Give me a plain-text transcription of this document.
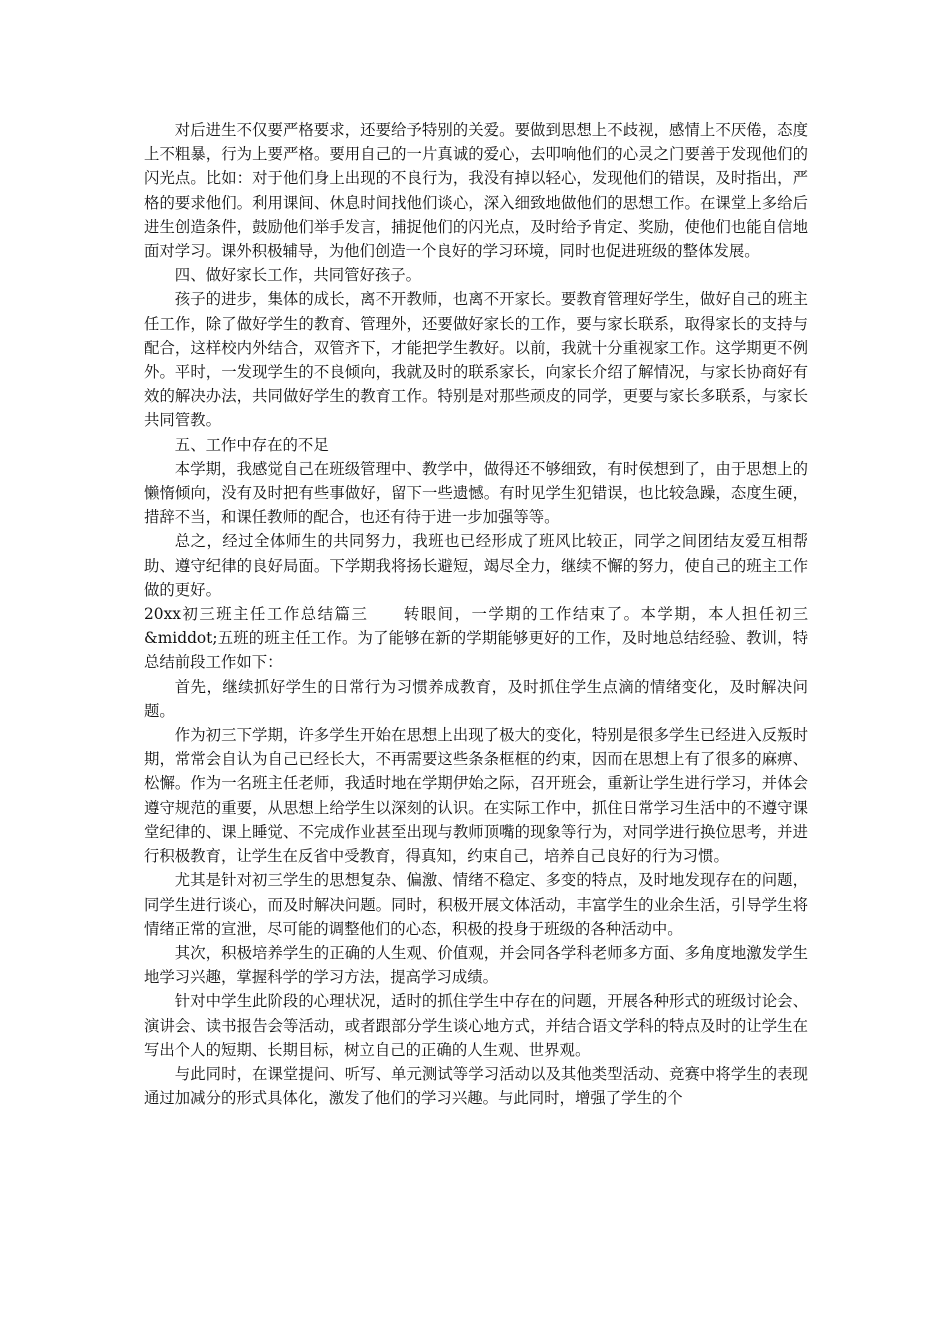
对后进生不仅要严格要求，还要给予特别的关爱。要做到思想上不歧视，感情上不厌倦，态度上不粗暴，行为上要严格。要用自己的一片真诚的爱心，去叩响他们的心灵之门要善于发现他们的闪光点。比如：对于他们身上出现的不良行为，我没有掉以轻心，发现他们的错误，及时指出，严格的要求他们。利用课间、休息时间找他们谈心，深入细致地做他们的思想工作。在课堂上多给后进生创造条件，鼓励他们举手发言，捕捉他们的闪光点，及时给予肯定、奖励，使他们也能自信地面对学习。课外积极辅导，为他们创造一个良好的学习环境，同时也促进班级的整体发展。

四、做好家长工作，共同管好孩子。

孩子的进步，集体的成长，离不开教师，也离不开家长。要教育管理好学生，做好自己的班主任工作，除了做好学生的教育、管理外，还要做好家长的工作，要与家长联系，取得家长的支持与配合，这样校内外结合，双管齐下，才能把学生教好。以前，我就十分重视家工作。这学期更不例外。平时，一发现学生的不良倾向，我就及时的联系家长，向家长介绍了解情况，与家长协商好有效的解决办法，共同做好学生的教育工作。特别是对那些顽皮的同学，更要与家长多联系，与家长共同管教。

五、工作中存在的不足

本学期，我感觉自己在班级管理中、教学中，做得还不够细致，有时侯想到了，由于思想上的懒惰倾向，没有及时把有些事做好，留下一些遗憾。有时见学生犯错误，也比较急躁，态度生硬，措辞不当，和课任教师的配合，也还有待于进一步加强等等。

总之，经过全体师生的共同努力，我班也已经形成了班风比较正，同学之间团结友爱互相帮助、遵守纪律的良好局面。下学期我将扬长避短，竭尽全力，继续不懈的努力，使自己的班主工作做的更好。

20xx初三班主任工作总结篇三 转眼间，一学期的工作结束了。本学期，本人担任初三&middot;五班的班主任工作。为了能够在新的学期能够更好的工作，及时地总结经验、教训，特总结前段工作如下：

首先，继续抓好学生的日常行为习惯养成教育，及时抓住学生点滴的情绪变化，及时解决问题。

作为初三下学期，许多学生开始在思想上出现了极大的变化，特别是很多学生已经进入反叛时期，常常会自认为自己已经长大，不再需要这些条条框框的约束，因而在思想上有了很多的麻痹、松懈。作为一名班主任老师，我适时地在学期伊始之际，召开班会，重新让学生进行学习，并体会遵守规范的重要，从思想上给学生以深刻的认识。在实际工作中，抓住日常学习生活中的不遵守课堂纪律的、课上睡觉、不完成作业甚至出现与教师顶嘴的现象等行为，对同学进行换位思考，并进行积极教育，让学生在反省中受教育，得真知，约束自己，培养自己良好的行为习惯。

尤其是针对初三学生的思想复杂、偏激、情绪不稳定、多变的特点，及时地发现存在的问题，同学生进行谈心，而及时解决问题。同时，积极开展文体活动，丰富学生的业余生活，引导学生将情绪正常的宣泄，尽可能的调整他们的心态，积极的投身于班级的各种活动中。

其次，积极培养学生的正确的人生观、价值观，并会同各学科老师多方面、多角度地激发学生地学习兴趣，掌握科学的学习方法，提高学习成绩。

针对中学生此阶段的心理状况，适时的抓住学生中存在的问题，开展各种形式的班级讨论会、演讲会、读书报告会等活动，或者跟部分学生谈心地方式，并结合语文学科的特点及时的让学生在写出个人的短期、长期目标，树立自己的正确的人生观、世界观。

与此同时，在课堂提问、听写、单元测试等学习活动以及其他类型活动、竞赛中将学生的表现通过加减分的形式具体化，激发了他们的学习兴趣。与此同时，增强了学生的个
